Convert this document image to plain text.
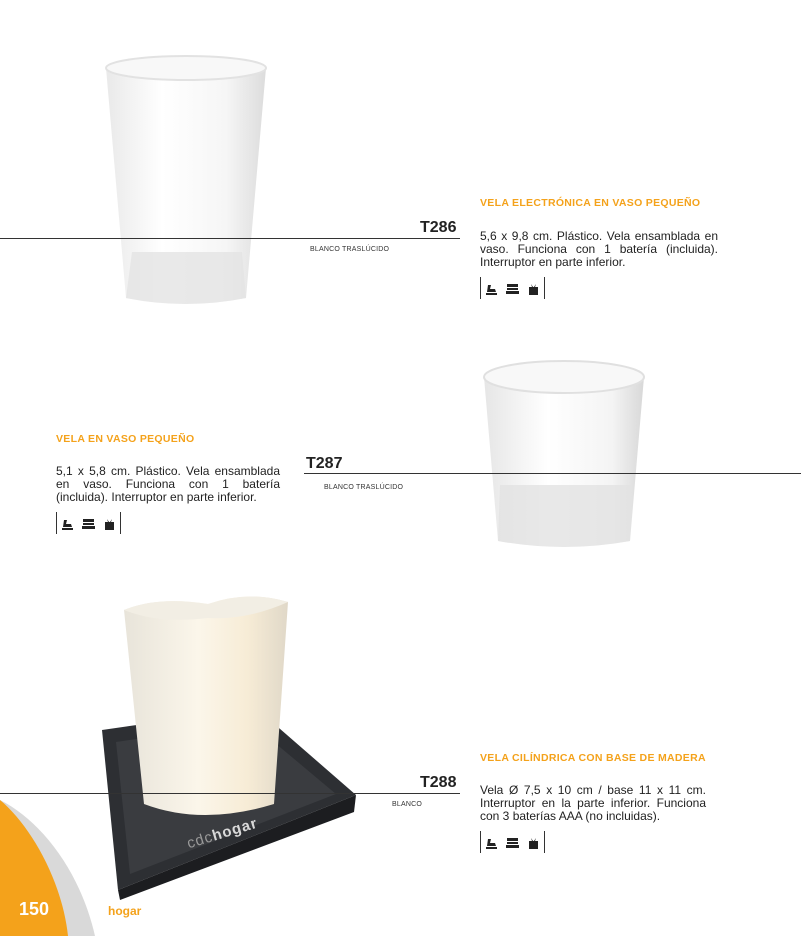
T286
BLANCO TRASLÚCIDO
VELA ELECTRÓNICA EN VASO PEQUEÑO
5,6 x 9,8 cm. Plástico. Vela ensamblada en vaso. Funciona con 1 batería (incluida). Interruptor en parte inferior.
T287
BLANCO TRASLÚCIDO
VELA EN VASO PEQUEÑO
5,1 x 5,8 cm. Plástico. Vela ensamblada en vaso. Funciona con 1 batería (incluida). Interruptor en parte inferior.
cdchogar
T288
BLANCO
VELA CILÍNDRICA CON BASE DE MADERA
Vela Ø 7,5 x 10 cm / base 11 x 11 cm. Interruptor en la parte inferior. Funciona con 3 baterías AAA (no incluidas).
150	hogar
